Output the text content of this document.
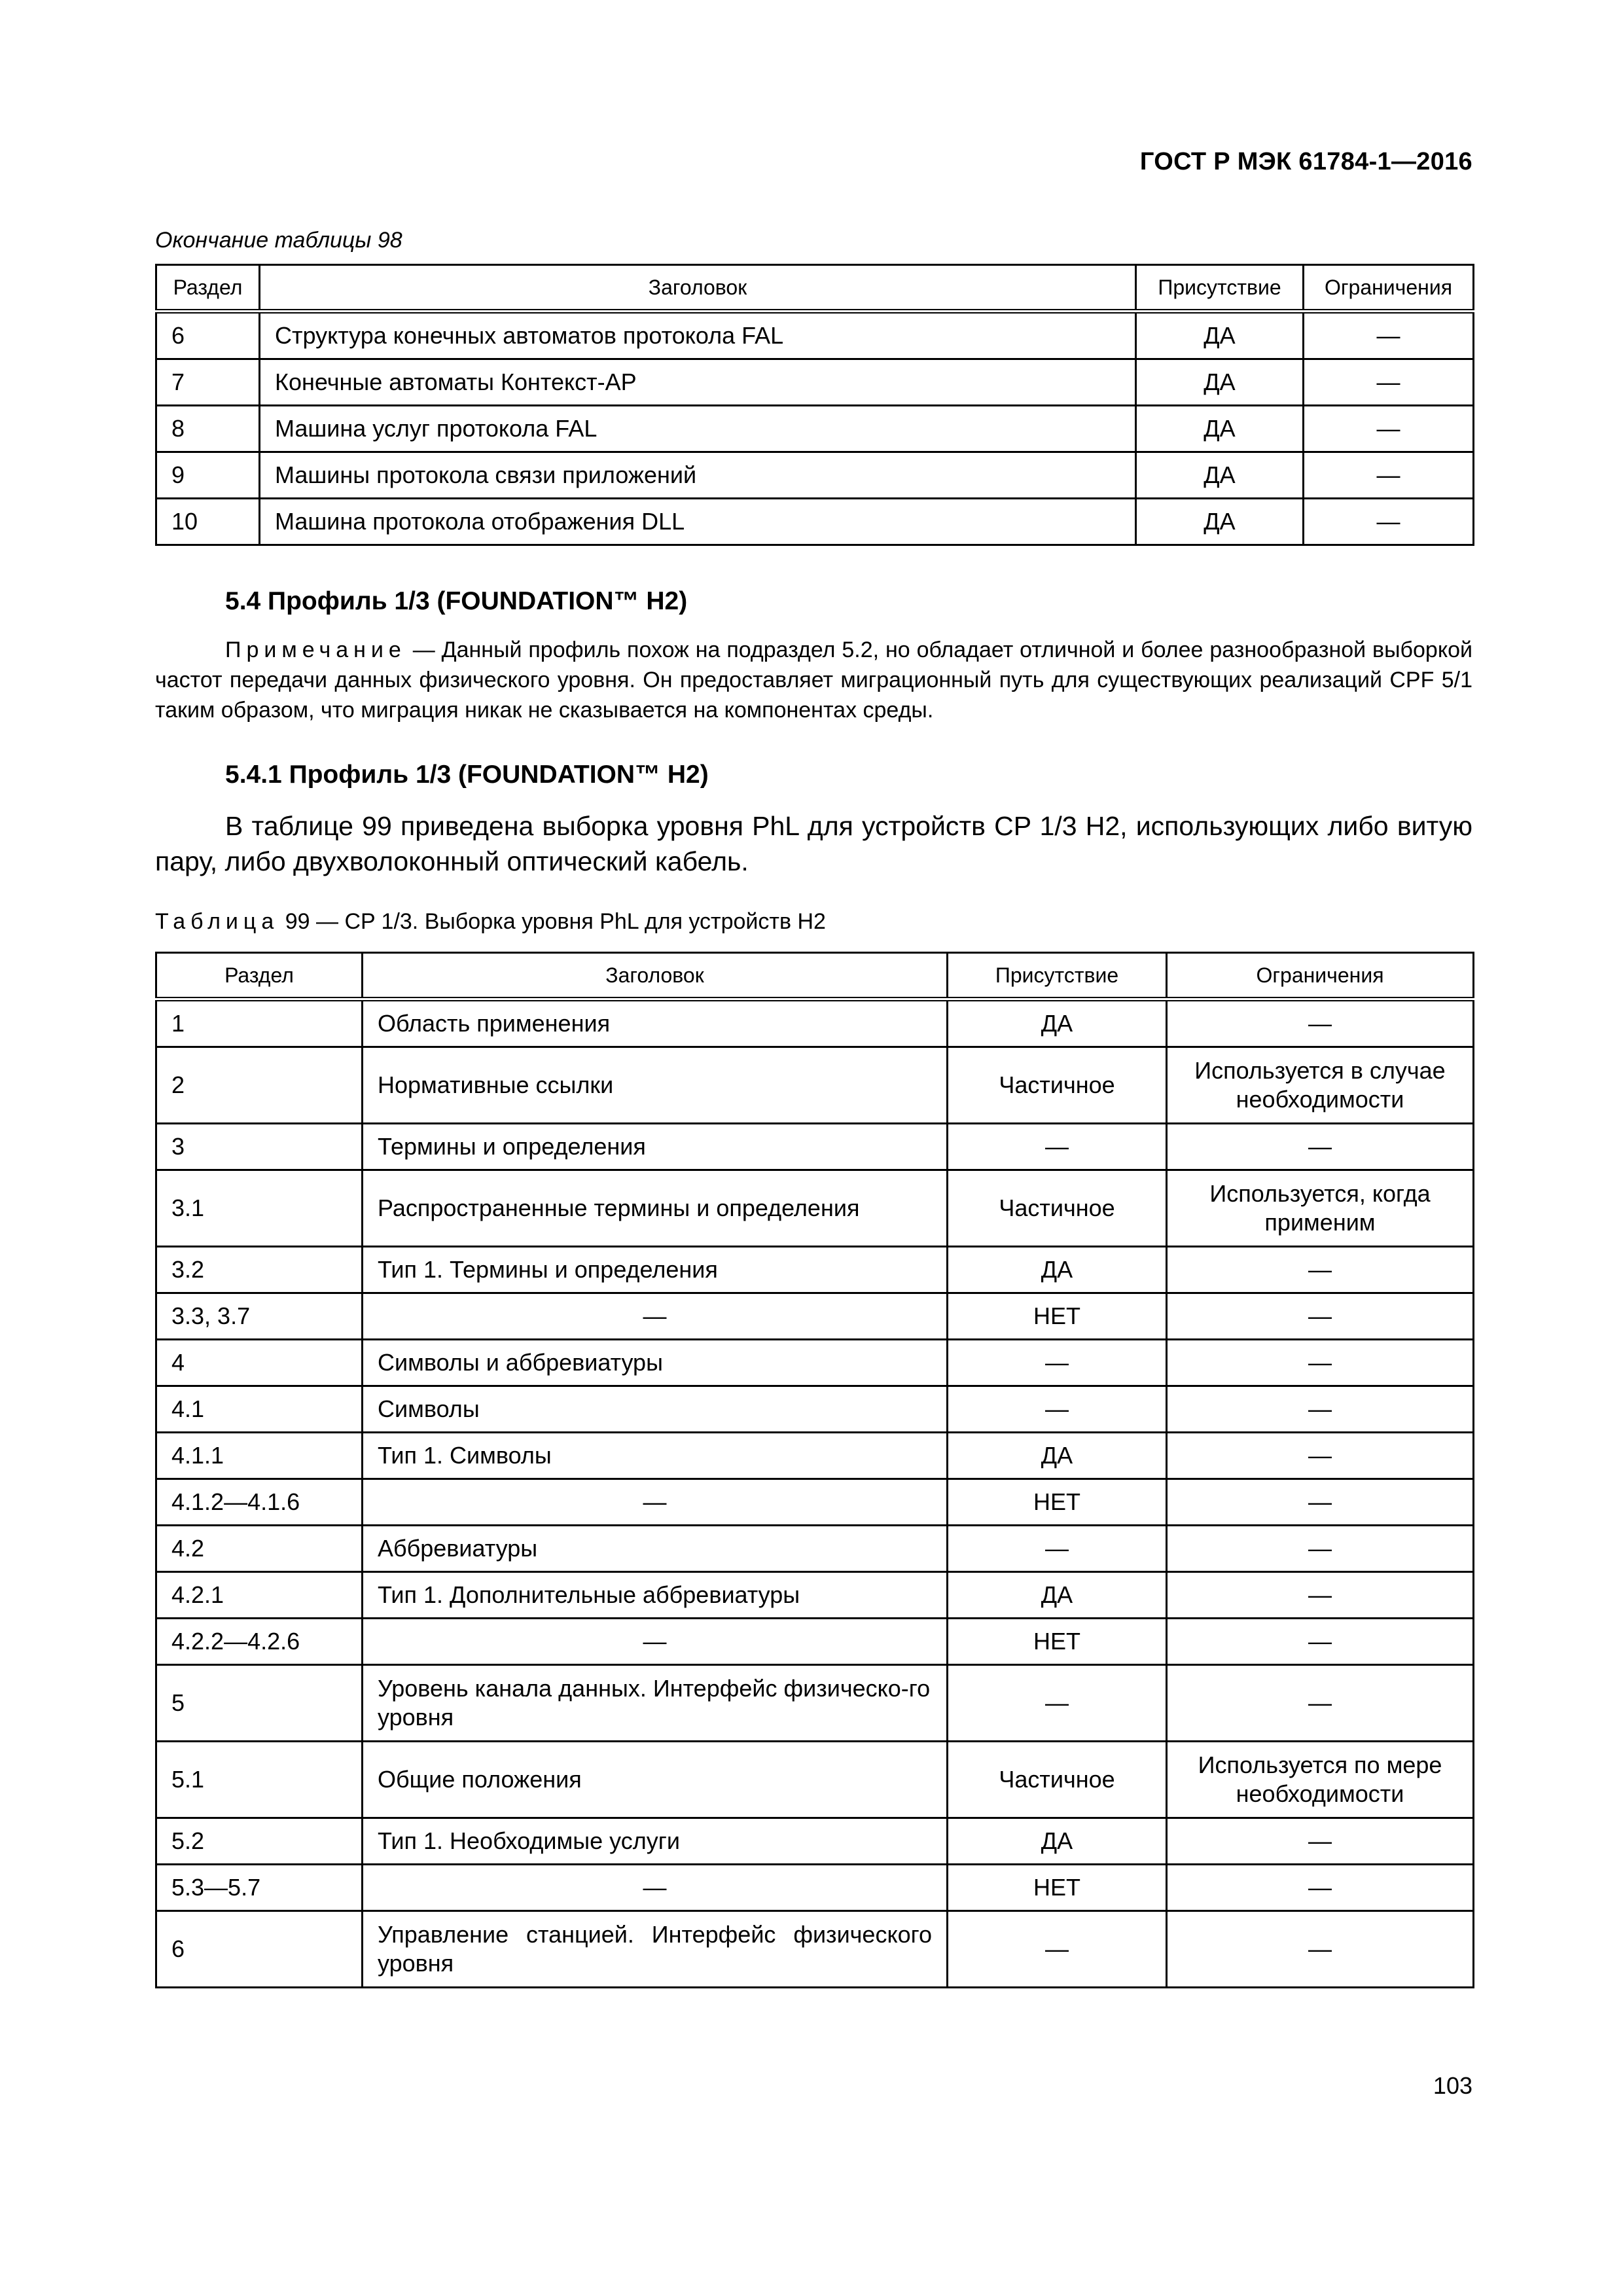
ГОСТ Р МЭК 61784-1—2016
Окончание таблицы 98
Раздел	Заголовок	Присутствие	Ограничения
6	Структура конечных автоматов протокола FAL	ДА	—
7	Конечные автоматы Контекст-АР	ДА	—
8	Машина услуг протокола FAL	ДА	—
9	Машины протокола связи приложений	ДА	—
10	Машина протокола отображения DLL	ДА	—
5.4 Профиль 1/3 (FOUNDATION™ H2)
Примечание — Данный профиль похож на подраздел 5.2, но обладает отличной и более разнообразной выборкой частот передачи данных физического уровня. Он предоставляет миграционный путь для существующих реализаций CPF 5/1 таким образом, что миграция никак не сказывается на компонентах среды.
5.4.1 Профиль 1/3 (FOUNDATION™ H2)
В таблице 99 приведена выборка уровня PhL для устройств CP 1/3 H2, использующих либо витую пару, либо двухволоконный оптический кабель.
Таблица 99 — CP 1/3. Выборка уровня PhL для устройств H2
Раздел	Заголовок	Присутствие	Ограничения
1	Область применения	ДА	—
2	Нормативные ссылки	Частичное	Используется в случае необходимости
3	Термины и определения	—	—
3.1	Распространенные термины и определения	Частичное	Используется, когда применим
3.2	Тип 1. Термины и определения	ДА	—
3.3, 3.7	—	НЕТ	—
4	Символы и аббревиатуры	—	—
4.1	Символы	—	—
4.1.1	Тип 1. Символы	ДА	—
4.1.2—4.1.6	—	НЕТ	—
4.2	Аббревиатуры	—	—
4.2.1	Тип 1. Дополнительные аббревиатуры	ДА	—
4.2.2—4.2.6	—	НЕТ	—
5	Уровень канала данных. Интерфейс физическо-го уровня	—	—
5.1	Общие положения	Частичное	Используется по мере необходимости
5.2	Тип 1. Необходимые услуги	ДА	—
5.3—5.7	—	НЕТ	—
6	Управление станцией. Интерфейс физического уровня	—	—
103
